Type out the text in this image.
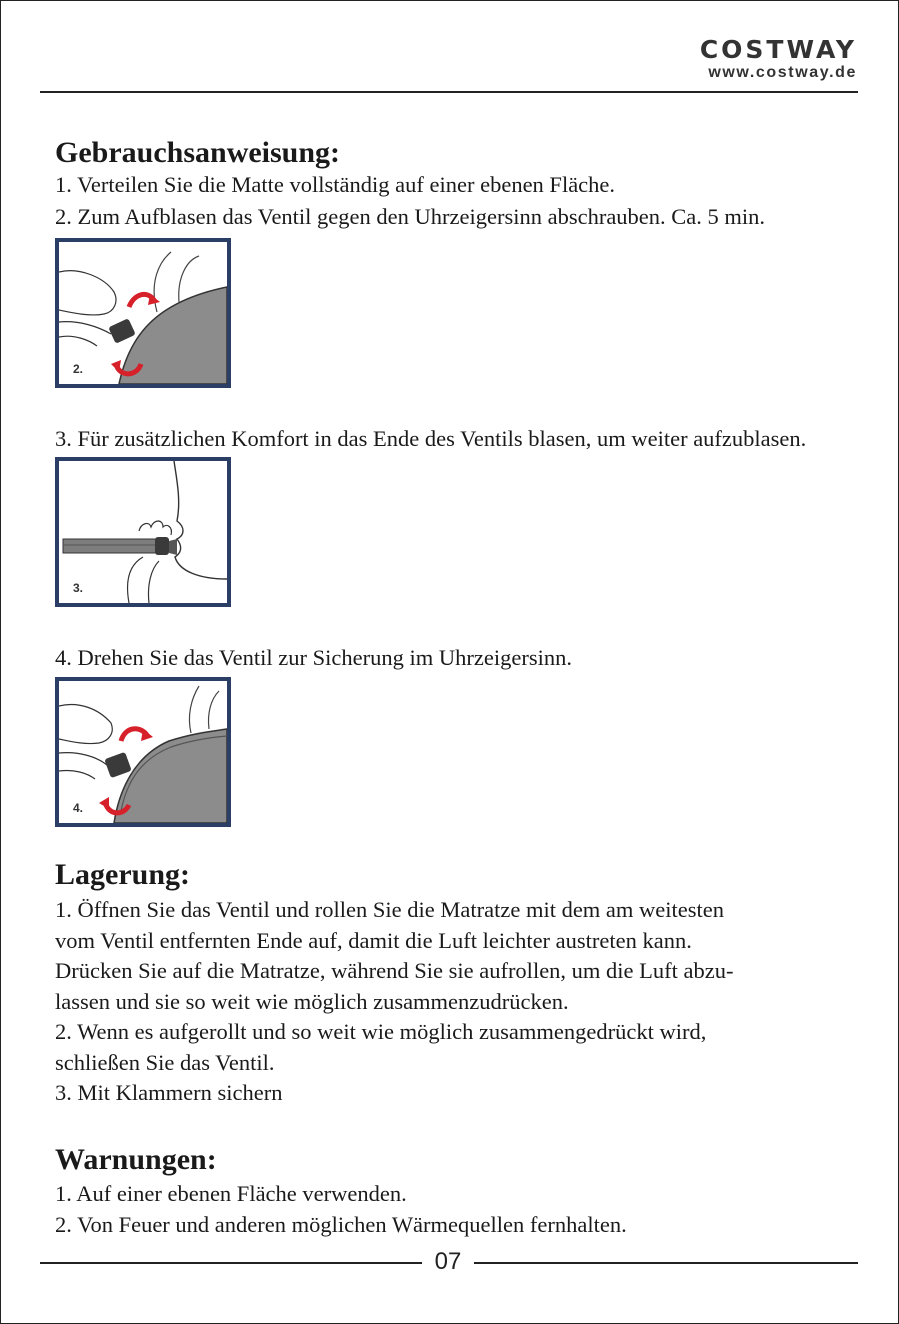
COSTWAY
www.costway.de
Gebrauchsanweisung:

1. Verteilen Sie die Matte vollständig auf einer ebenen Fläche.

2. Zum Aufblasen das Ventil gegen den Uhrzeigersinn abschrauben. Ca. 5 min.

2.

3. Für zusätzlichen Komfort in das Ende des Ventils blasen, um weiter aufzublasen.

3.

4. Drehen Sie das Ventil zur Sicherung im Uhrzeigersinn.

4.
Lagerung:
1. Öffnen Sie das Ventil und rollen Sie die Matratze mit dem am weitesten
vom Ventil entfernten Ende auf, damit die Luft leichter austreten kann.
Drücken Sie auf die Matratze, während Sie sie aufrollen, um die Luft abzu-
lassen und sie so weit wie möglich zusammenzudrücken.
2. Wenn es aufgerollt und so weit wie möglich zusammengedrückt wird,
schließen Sie das Ventil.
3. Mit Klammern sichern
Warnungen:
1. Auf einer ebenen Fläche verwenden.
2. Von Feuer und anderen möglichen Wärmequellen fernhalten.
07
